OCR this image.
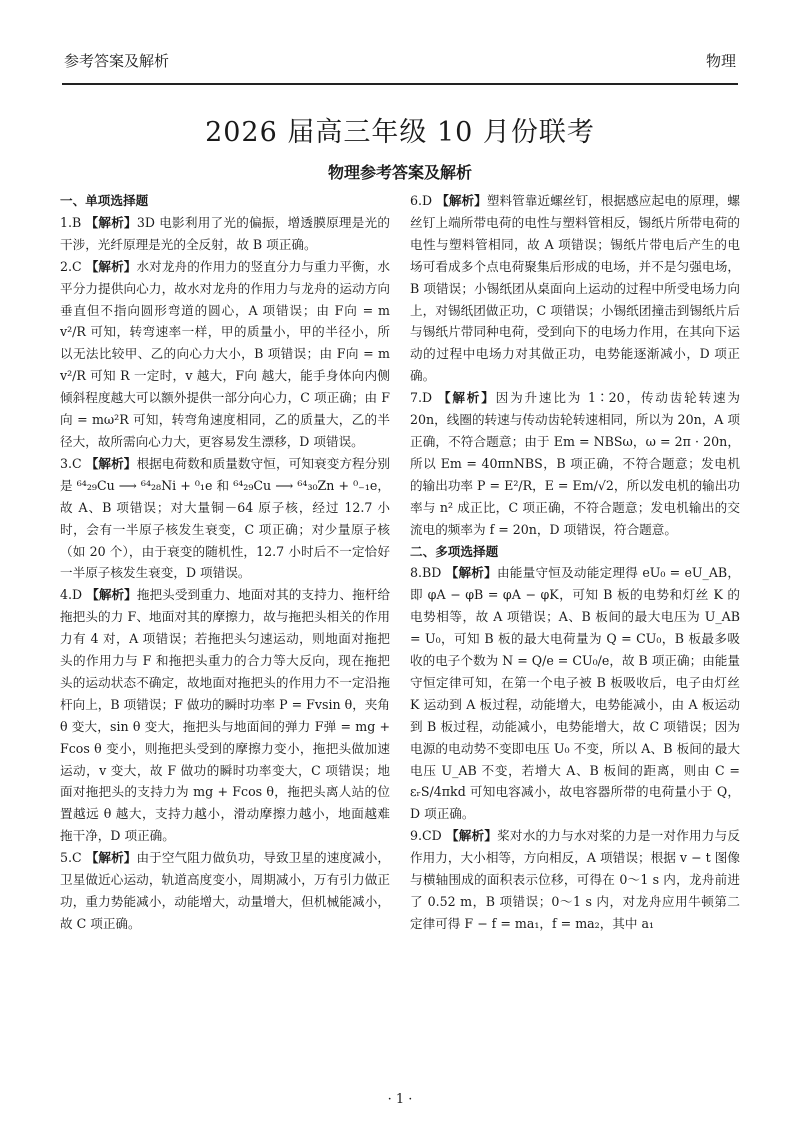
参考答案及解析	物理
2026 届高三年级 10 月份联考
物理参考答案及解析

一、单项选择题

1.B 【解析】3D 电影利用了光的偏振，增透膜原理是光的干涉，光纤原理是光的全反射，故 B 项正确。

2.C 【解析】水对龙舟的作用力的竖直分力与重力平衡，水平分力提供向心力，故水对龙舟的作用力与龙舟的运动方向垂直但不指向圆形弯道的圆心，A 项错误；由 F向 = m v²/R 可知，转弯速率一样，甲的质量小，甲的半径小，所以无法比较甲、乙的向心力大小，B 项错误；由 F向 = m v²/R 可知 R 一定时，v 越大，F向 越大，能手身体向内侧倾斜程度越大可以额外提供一部分向心力，C 项正确；由 F向 = mω²R 可知，转弯角速度相同，乙的质量大，乙的半径大，故所需向心力大，更容易发生漂移，D 项错误。

3.C 【解析】根据电荷数和质量数守恒，可知衰变方程分别是 ⁶⁴₂₉Cu ⟶ ⁶⁴₂₈Ni + ⁰₁e 和 ⁶⁴₂₉Cu ⟶ ⁶⁴₃₀Zn + ⁰₋₁e，故 A、B 项错误；对大量铜－64 原子核，经过 12.7 小时，会有一半原子核发生衰变，C 项正确；对少量原子核（如 20 个），由于衰变的随机性，12.7 小时后不一定恰好一半原子核发生衰变，D 项错误。

4.D 【解析】拖把头受到重力、地面对其的支持力、拖杆给拖把头的力 F、地面对其的摩擦力，故与拖把头相关的作用力有 4 对，A 项错误；若拖把头匀速运动，则地面对拖把头的作用力与 F 和拖把头重力的合力等大反向，现在拖把头的运动状态不确定，故地面对拖把头的作用力不一定沿拖杆向上，B 项错误；F 做功的瞬时功率 P = Fvsin θ，夹角 θ 变大，sin θ 变大，拖把头与地面间的弹力 F弹 = mg + Fcos θ 变小，则拖把头受到的摩擦力变小，拖把头做加速运动，v 变大，故 F 做功的瞬时功率变大，C 项错误；地面对拖把头的支持力为 mg + Fcos θ，拖把头离人站的位置越远 θ 越大，支持力越小，滑动摩擦力越小，地面越难拖干净，D 项正确。

5.C 【解析】由于空气阻力做负功，导致卫星的速度减小，卫星做近心运动，轨道高度变小，周期减小，万有引力做正功，重力势能减小，动能增大，动量增大，但机械能减小，故 C 项正确。

6.D 【解析】塑料管靠近螺丝钉，根据感应起电的原理，螺丝钉上端所带电荷的电性与塑料管相反，锡纸片所带电荷的电性与塑料管相同，故 A 项错误；锡纸片带电后产生的电场可看成多个点电荷聚集后形成的电场，并不是匀强电场，B 项错误；小锡纸团从桌面向上运动的过程中所受电场力向上，对锡纸团做正功，C 项错误；小锡纸团撞击到锡纸片后与锡纸片带同种电荷，受到向下的电场力作用，在其向下运动的过程中电场力对其做正功，电势能逐渐减小，D 项正确。

7.D 【解析】因为升速比为 1∶20，传动齿轮转速为 20n，线圈的转速与传动齿轮转速相同，所以为 20n，A 项正确，不符合题意；由于 Em = NBSω，ω = 2π · 20n，所以 Em = 40πnNBS，B 项正确，不符合题意；发电机的输出功率 P = E²/R，E = Em/√2，所以发电机的输出功率与 n² 成正比，C 项正确，不符合题意；发电机输出的交流电的频率为 f = 20n，D 项错误，符合题意。

二、多项选择题

8.BD 【解析】由能量守恒及动能定理得 eU₀ = eU_AB，即 φA − φB = φA − φK，可知 B 板的电势和灯丝 K 的电势相等，故 A 项错误；A、B 板间的最大电压为 U_AB = U₀，可知 B 板的最大电荷量为 Q = CU₀，B 板最多吸收的电子个数为 N = Q/e = CU₀/e，故 B 项正确；由能量守恒定律可知，在第一个电子被 B 板吸收后，电子由灯丝 K 运动到 A 板过程，动能增大，电势能减小，由 A 板运动到 B 板过程，动能减小，电势能增大，故 C 项错误；因为电源的电动势不变即电压 U₀ 不变，所以 A、B 板间的最大电压 U_AB 不变，若增大 A、B 板间的距离，则由 C = εᵣS/4πkd 可知电容减小，故电容器所带的电荷量小于 Q，D 项正确。

9.CD 【解析】桨对水的力与水对桨的力是一对作用力与反作用力，大小相等，方向相反，A 项错误；根据 v − t 图像与横轴围成的面积表示位移，可得在 0～1 s 内，龙舟前进了 0.52 m，B 项错误；0～1 s 内，对龙舟应用牛顿第二定律可得 F − f = ma₁，f = ma₂，其中 a₁

· 1 ·
